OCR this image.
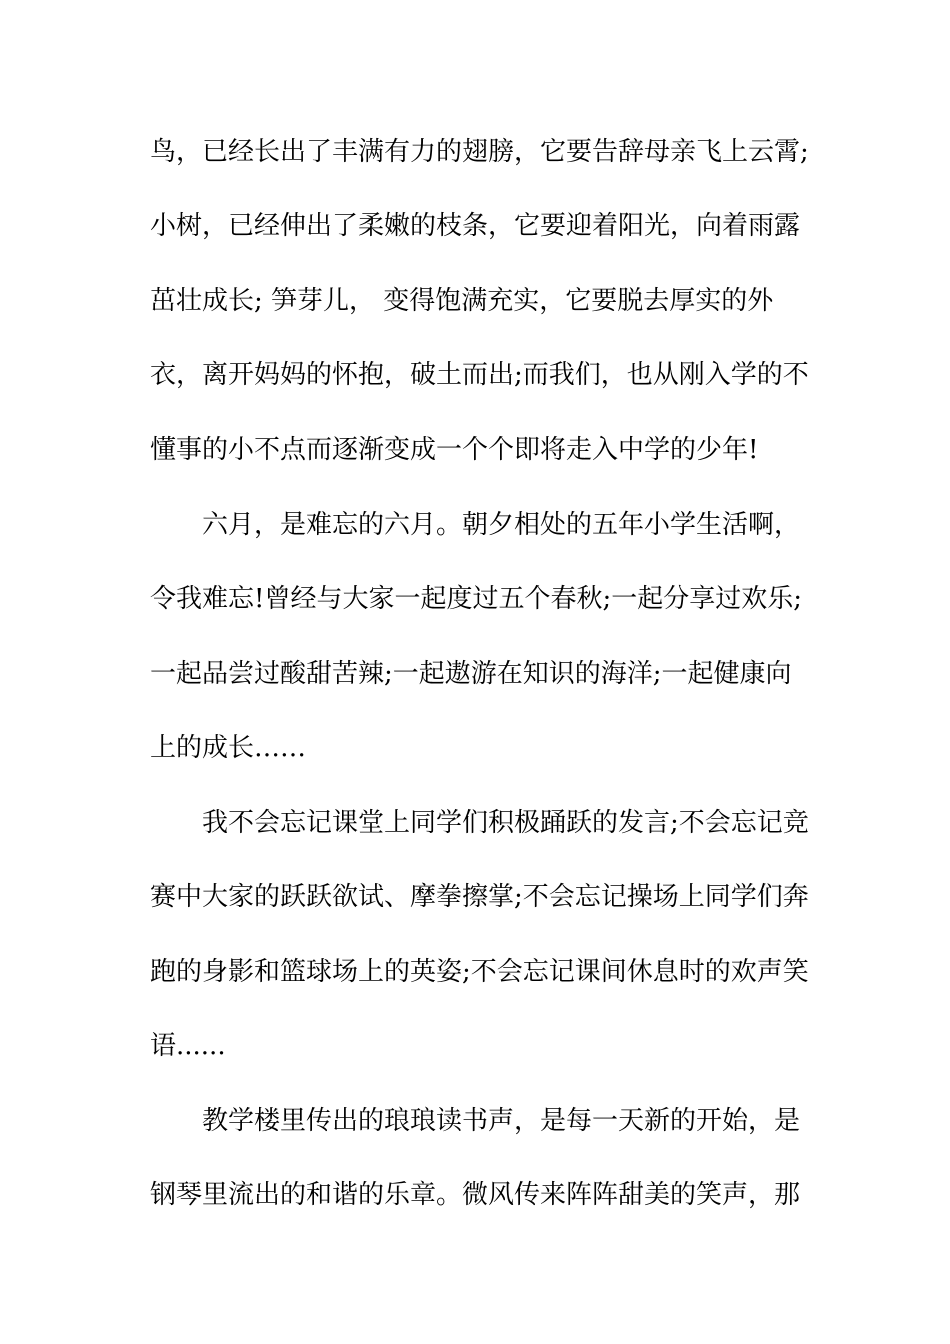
鸟，已经长出了丰满有力的翅膀，它要告辞母亲飞上云霄;
小树，已经伸出了柔嫩的枝条，它要迎着阳光，向着雨露
茁壮成长; 笋芽儿， 变得饱满充实，它要脱去厚实的外
衣，离开妈妈的怀抱，破土而出;而我们，也从刚入学的不
懂事的小不点而逐渐变成一个个即将走入中学的少年!
六月，是难忘的六月。朝夕相处的五年小学生活啊，
令我难忘!曾经与大家一起度过五个春秋;一起分享过欢乐;
一起品尝过酸甜苦辣;一起遨游在知识的海洋;一起健康向
上的成长……
我不会忘记课堂上同学们积极踊跃的发言;不会忘记竞
赛中大家的跃跃欲试、摩拳擦掌;不会忘记操场上同学们奔
跑的身影和篮球场上的英姿;不会忘记课间休息时的欢声笑
语......
教学楼里传出的琅琅读书声，是每一天新的开始，是
钢琴里流出的和谐的乐章。微风传来阵阵甜美的笑声，那
